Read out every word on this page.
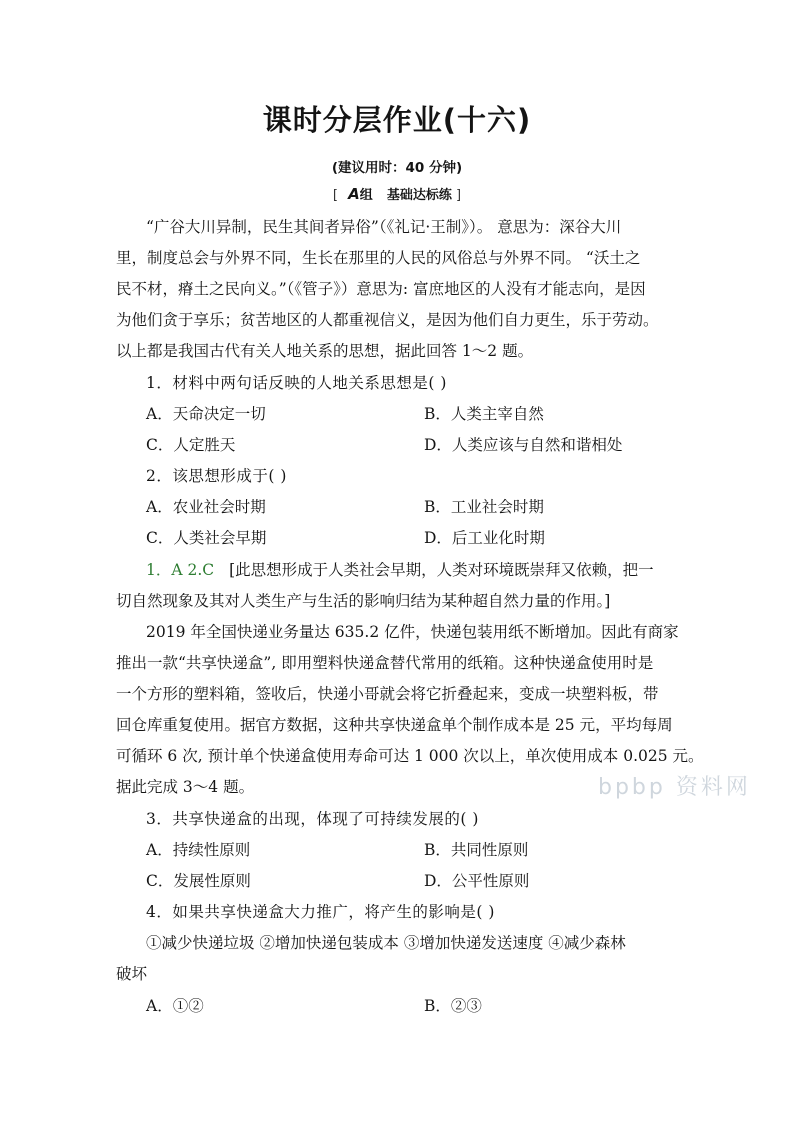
课时分层作业(十六)
(建议用时：40 分钟)
[ A组 基础达标练 ]
“广谷大川异制，民生其间者异俗”（《礼记·王制》）。 意思为：深谷大川
里，制度总会与外界不同，生长在那里的人民的风俗总与外界不同。 “沃土之
民不材，瘠土之民向义。”（《管子》）意思为: 富庶地区的人没有才能志向，是因
为他们贪于享乐；贫苦地区的人都重视信义，是因为他们自力更生，乐于劳动。
以上都是我国古代有关人地关系的思想，据此回答 1～2 题。
1．材料中两句话反映的人地关系思想是( )
A．天命决定一切	B．人类主宰自然
C．人定胜天	D．人类应该与自然和谐相处
2．该思想形成于( )
A．农业社会时期	B．工业社会时期
C．人类社会早期	D．后工业化时期
1．A 2.C [此思想形成于人类社会早期，人类对环境既崇拜又依赖，把一
切自然现象及其对人类生产与生活的影响归结为某种超自然力量的作用。]
2019 年全国快递业务量达 635.2 亿件，快递包装用纸不断增加。因此有商家
推出一款“共享快递盒”, 即用塑料快递盒替代常用的纸箱。这种快递盒使用时是
一个方形的塑料箱，签收后，快递小哥就会将它折叠起来，变成一块塑料板，带
回仓库重复使用。据官方数据，这种共享快递盒单个制作成本是 25 元，平均每周
可循环 6 次, 预计单个快递盒使用寿命可达 1 000 次以上，单次使用成本 0.025 元。
据此完成 3～4 题。
3．共享快递盒的出现，体现了可持续发展的( )
A．持续性原则	B．共同性原则
C．发展性原则	D．公平性原则
4．如果共享快递盒大力推广，将产生的影响是( )
①减少快递垃圾 ②增加快递包装成本 ③增加快递发送速度 ④减少森林
破坏
A．①②	B．②③
bpbp 资料网
